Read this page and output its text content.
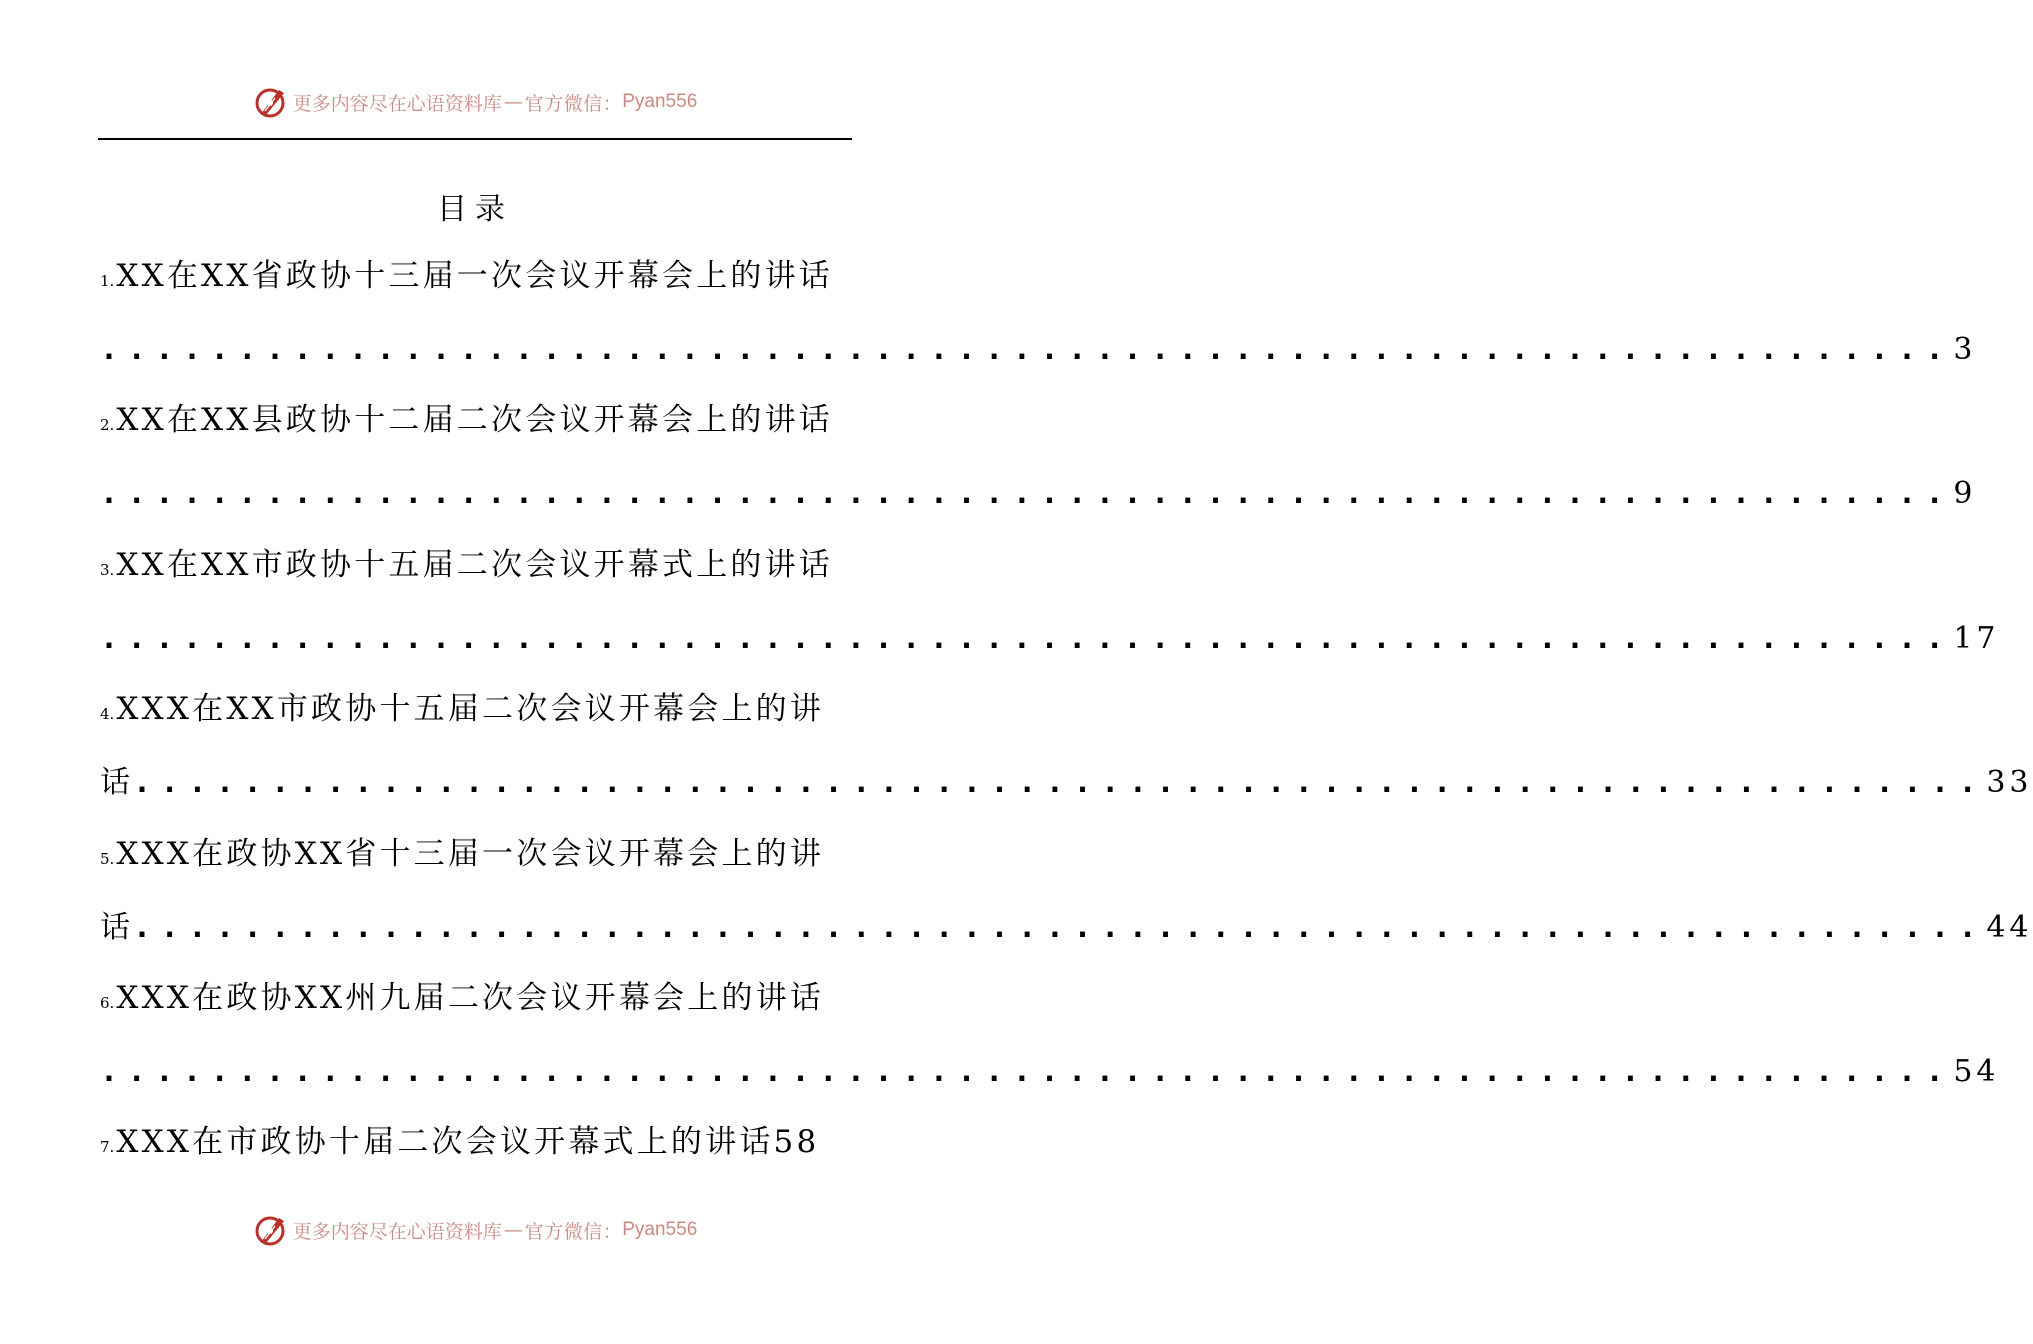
更多内容尽在心语资料库 — 官方微信： Pyan556
目录
1.XX在XX省政协十三届一次会议开幕会上的讲话
................................................................... 3
2.XX在XX县政协十二届二次会议开幕会上的讲话
................................................................... 9
3.XX在XX市政协十五届二次会议开幕式上的讲话
................................................................... 17
4.XXX在XX市政协十五届二次会议开幕会上的讲
话 ................................................................... 33
5.XXX在政协XX省十三届一次会议开幕会上的讲
话 ................................................................... 44
6.XXX在政协XX州九届二次会议开幕会上的讲话
................................................................... 54
7.XXX在市政协十届二次会议开幕式上的讲话58
更多内容尽在心语资料库 — 官方微信： Pyan556
